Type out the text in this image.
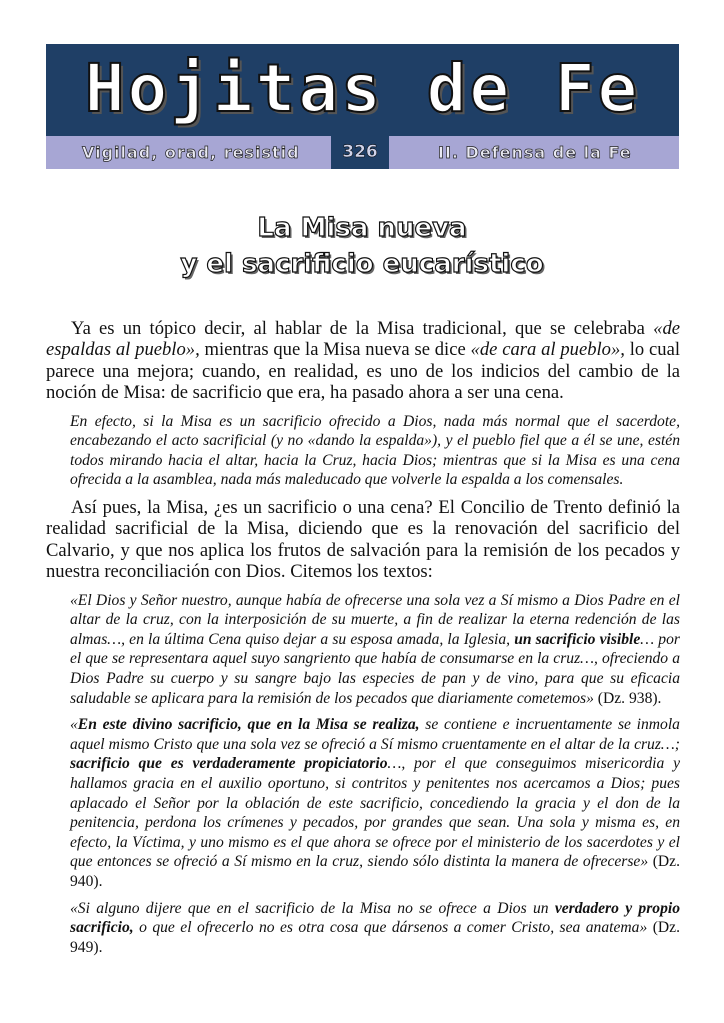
Hojitas de Fe
Vigilad, orad, resistid	326	II. Defensa de la Fe
La Misa nueva
y el sacrificio eucarístico

Ya es un tópico decir, al hablar de la Misa tradicional, que se celebraba «de espaldas al pueblo», mientras que la Misa nueva se dice «de cara al pueblo», lo cual parece una mejora; cuando, en realidad, es uno de los indicios del cambio de la noción de Misa: de sacrificio que era, ha pasado ahora a ser una cena.

En efecto, si la Misa es un sacrificio ofrecido a Dios, nada más normal que el sacerdote, encabezando el acto sacrificial (y no «dando la espalda»), y el pueblo fiel que a él se une, estén todos mirando hacia el altar, hacia la Cruz, hacia Dios; mientras que si la Misa es una cena ofrecida a la asamblea, nada más maleducado que volverle la espalda a los comensales.

Así pues, la Misa, ¿es un sacrificio o una cena? El Concilio de Trento definió la realidad sacrificial de la Misa, diciendo que es la renovación del sacrificio del Calvario, y que nos aplica los frutos de salvación para la remisión de los pecados y nuestra reconciliación con Dios. Citemos los textos:

«El Dios y Señor nuestro, aunque había de ofrecerse una sola vez a Sí mismo a Dios Padre en el altar de la cruz, con la interposición de su muerte, a fin de realizar la eterna redención de las almas…, en la última Cena quiso dejar a su esposa amada, la Iglesia, un sacrificio visible… por el que se representara aquel suyo sangriento que había de consumarse en la cruz…, ofreciendo a Dios Padre su cuerpo y su sangre bajo las especies de pan y de vino, para que su eficacia saludable se aplicara para la remisión de los pecados que diariamente cometemos» (Dz. 938).

«En este divino sacrificio, que en la Misa se realiza, se contiene e incruentamente se inmola aquel mismo Cristo que una sola vez se ofreció a Sí mismo cruentamente en el altar de la cruz…; sacrificio que es verdaderamente propiciatorio…, por el que conseguimos misericordia y hallamos gracia en el auxilio oportuno, si contritos y penitentes nos acercamos a Dios; pues aplacado el Señor por la oblación de este sacrificio, concediendo la gracia y el don de la penitencia, perdona los crímenes y pecados, por grandes que sean. Una sola y misma es, en efecto, la Víctima, y uno mismo es el que ahora se ofrece por el ministerio de los sacerdotes y el que entonces se ofreció a Sí mismo en la cruz, siendo sólo distinta la manera de ofrecerse» (Dz. 940).

«Si alguno dijere que en el sacrificio de la Misa no se ofrece a Dios un verdadero y propio sacrificio, o que el ofrecerlo no es otra cosa que dársenos a comer Cristo, sea anatema» (Dz. 949).
